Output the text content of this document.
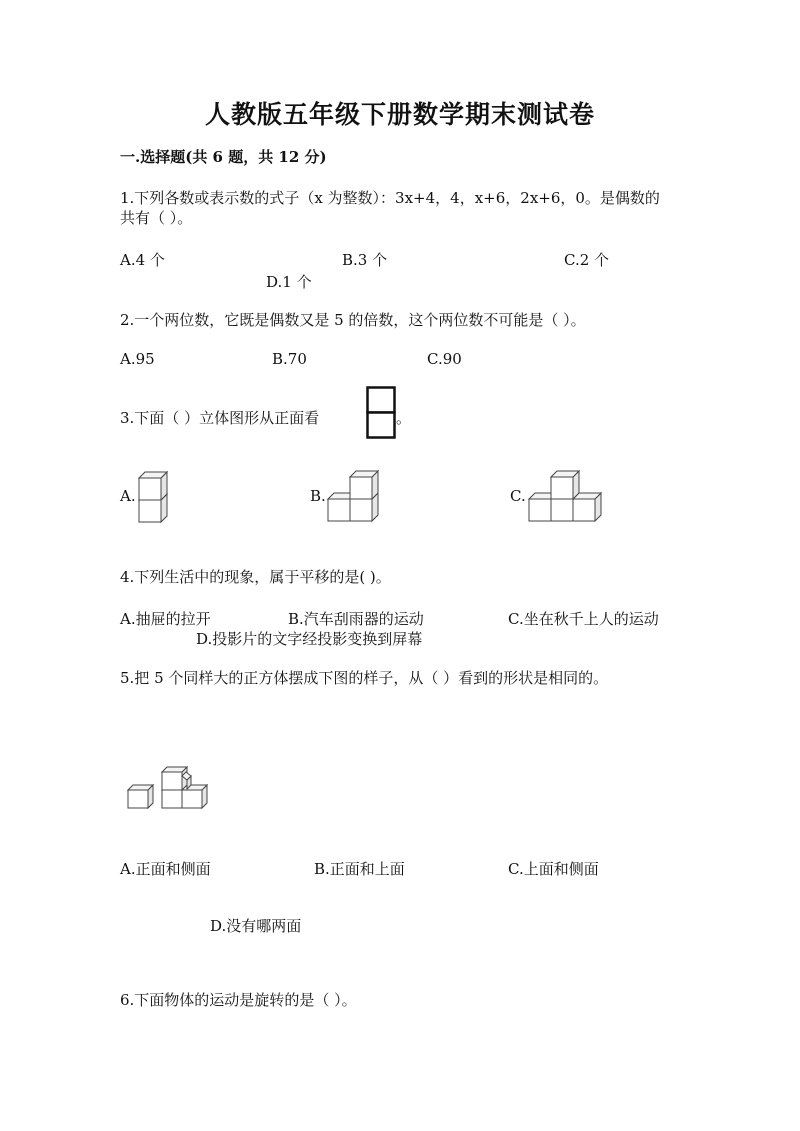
人教版五年级下册数学期末测试卷
一.选择题(共 6 题，共 12 分)
1.下列各数或表示数的式子（x 为整数）：3x+4，4，x+6，2x+6，0。是偶数的
共有（ ）。
A.4 个	B.3 个	C.2 个
D.1 个
2.一个两位数，它既是偶数又是 5 的倍数，这个两位数不可能是（ ）。
A.95	B.70	C.90
3.下面（ ）立体图形从正面看	。
A.	B.	C.
4.下列生活中的现象，属于平移的是( )。
A.抽屉的拉开	B.汽车刮雨器的运动	C.坐在秋千上人的运动
D.投影片的文字经投影变换到屏幕
5.把 5 个同样大的正方体摆成下图的样子，从（ ）看到的形状是相同的。
A.正面和侧面	B.正面和上面	C.上面和侧面
D.没有哪两面
6.下面物体的运动是旋转的是（ ）。
